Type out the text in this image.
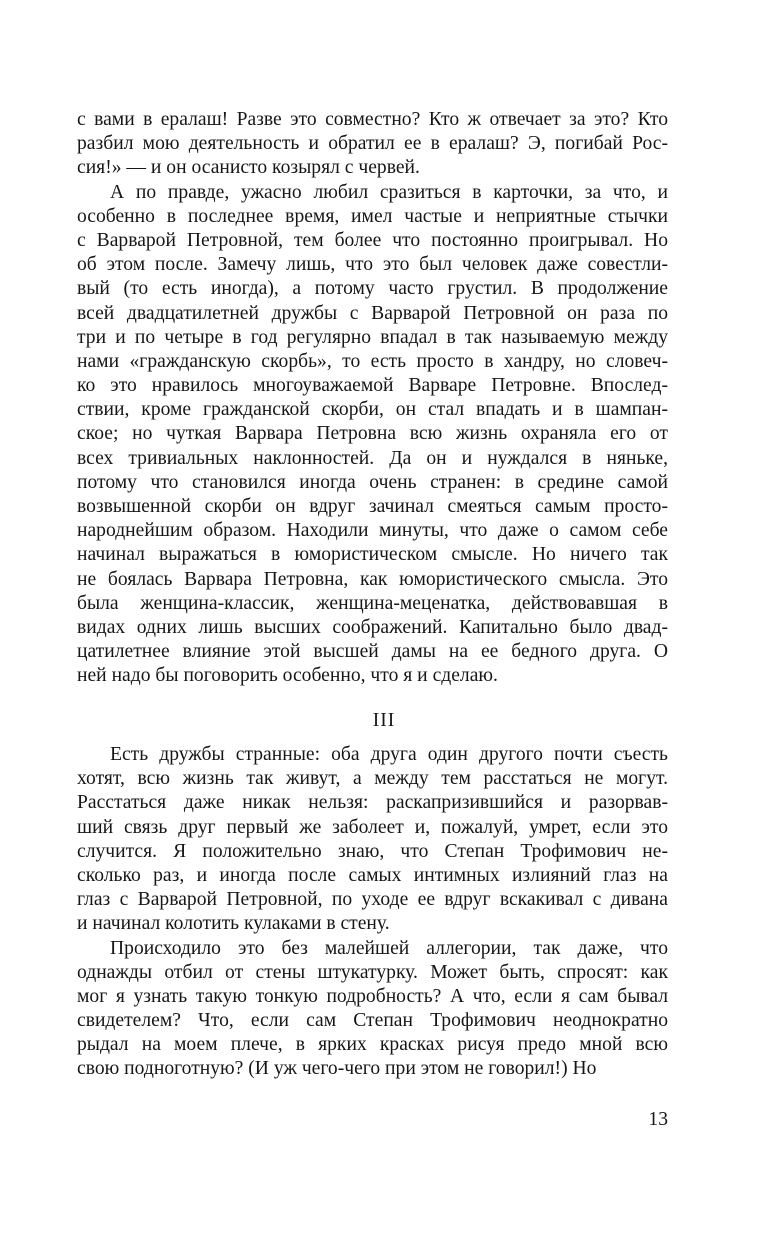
с вами в ералаш! Разве это совместно? Кто ж отвечает за это? Кто
разбил мою деятельность и обратил ее в ералаш? Э, погибай Рос-
сия!» — и он осанисто козырял с червей.
А по правде, ужасно любил сразиться в карточки, за что, и
особенно в последнее время, имел частые и неприятные стычки
с Варварой Петровной, тем более что постоянно проигрывал. Но
об этом после. Замечу лишь, что это был человек даже совестли-
вый (то есть иногда), а потому часто грустил. В продолжение
всей двадцатилетней дружбы с Варварой Петровной он раза по
три и по четыре в год регулярно впадал в так называемую между
нами «гражданскую скорбь», то есть просто в хандру, но словеч-
ко это нравилось многоуважаемой Варваре Петровне. Впослед-
ствии, кроме гражданской скорби, он стал впадать и в шампан-
ское; но чуткая Варвара Петровна всю жизнь охраняла его от
всех тривиальных наклонностей. Да он и нуждался в няньке,
потому что становился иногда очень странен: в средине самой
возвышенной скорби он вдруг зачинал смеяться самым просто-
народнейшим образом. Находили минуты, что даже о самом себе
начинал выражаться в юмористическом смысле. Но ничего так
не боялась Варвара Петровна, как юмористического смысла. Это
была женщина-классик, женщина-меценатка, действовавшая в
видах одних лишь высших соображений. Капитально было двад-
цатилетнее влияние этой высшей дамы на ее бедного друга. О
ней надо бы поговорить особенно, что я и сделаю.
III
Есть дружбы странные: оба друга один другого почти съесть
хотят, всю жизнь так живут, а между тем расстаться не могут.
Расстаться даже никак нельзя: раскапризившийся и разорвав-
ший связь друг первый же заболеет и, пожалуй, умрет, если это
случится. Я положительно знаю, что Степан Трофимович не-
сколько раз, и иногда после самых интимных излияний глаз на
глаз с Варварой Петровной, по уходе ее вдруг вскакивал с дивана
и начинал колотить кулаками в стену.
Происходило это без малейшей аллегории, так даже, что
однажды отбил от стены штукатурку. Может быть, спросят: как
мог я узнать такую тонкую подробность? А что, если я сам бывал
свидетелем? Что, если сам Степан Трофимович неоднократно
рыдал на моем плече, в ярких красках рисуя предо мной всю
свою подноготную? (И уж чего-чего при этом не говорил!) Но
13
